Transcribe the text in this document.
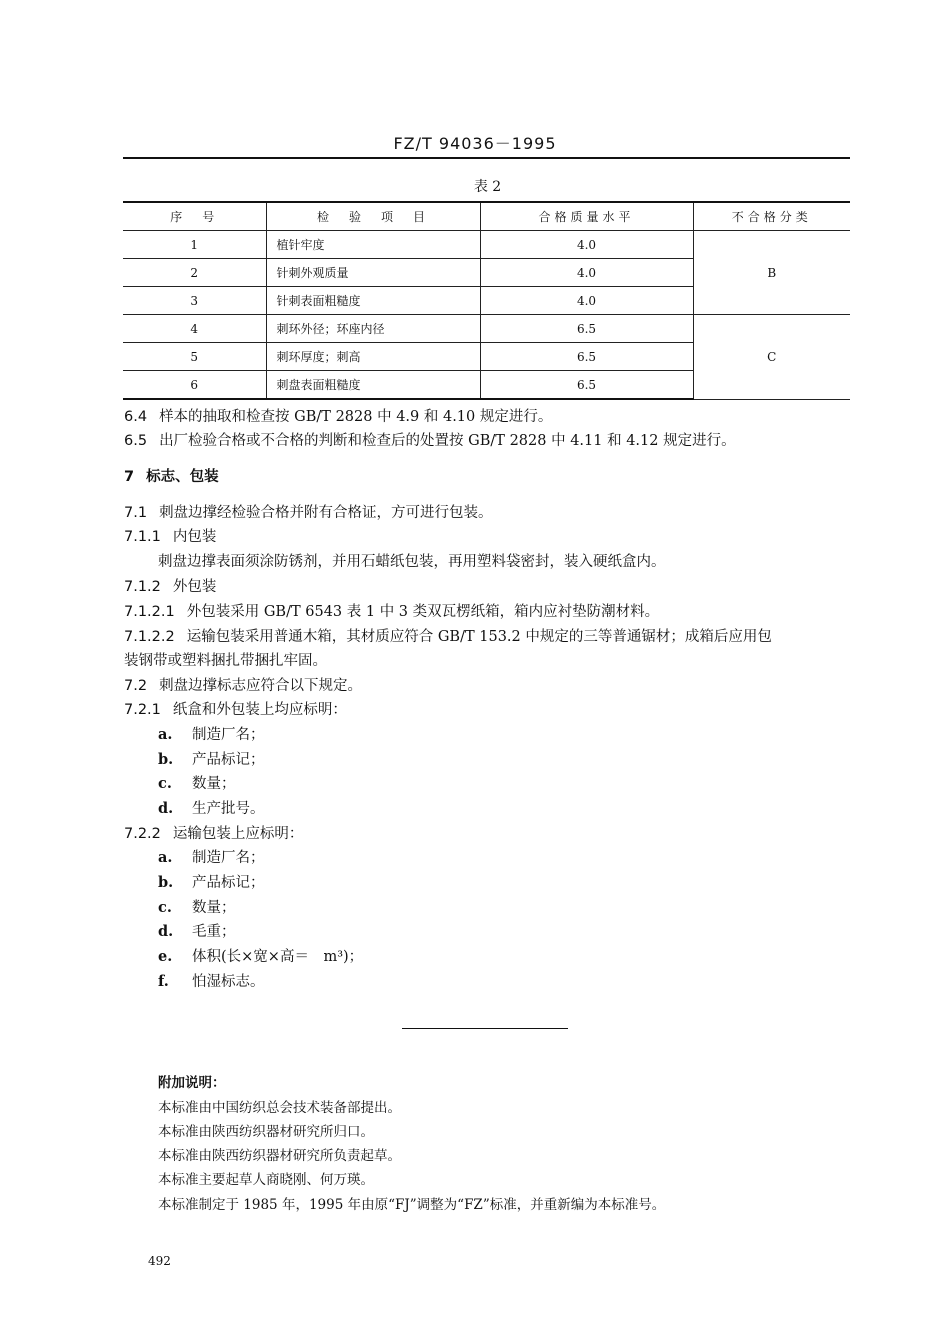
FZ/T 94036－1995
表 2
序　号	检　验　项　目	合格质量水平	不合格分类
1	植针牢度	4.0	B
2	针刺外观质量	4.0	
3	针刺表面粗糙度	4.0	
4	刺环外径；环座内径	6.5	C
5	刺环厚度；刺高	6.5	
6	刺盘表面粗糙度	6.5	
6.4 样本的抽取和检查按 GB/T 2828 中 4.9 和 4.10 规定进行。
6.5 出厂检验合格或不合格的判断和检查后的处置按 GB/T 2828 中 4.11 和 4.12 规定进行。
7 标志、包装
7.1 刺盘边撑经检验合格并附有合格证，方可进行包装。
7.1.1 内包装
刺盘边撑表面须涂防锈剂，并用石蜡纸包装，再用塑料袋密封，装入硬纸盒内。
7.1.2 外包装
7.1.2.1 外包装采用 GB/T 6543 表 1 中 3 类双瓦楞纸箱，箱内应衬垫防潮材料。
7.1.2.2 运输包装采用普通木箱，其材质应符合 GB/T 153.2 中规定的三等普通锯材；成箱后应用包
装钢带或塑料捆扎带捆扎牢固。
7.2 刺盘边撑标志应符合以下规定。
7.2.1 纸盒和外包装上均应标明：
a. 制造厂名；
b. 产品标记；
c. 数量；
d. 生产批号。
7.2.2 运输包装上应标明：
a. 制造厂名；
b. 产品标记；
c. 数量；
d. 毛重；
e. 体积(长×宽×高＝　m³)；
f. 怕湿标志。
附加说明：
本标准由中国纺织总会技术装备部提出。
本标准由陕西纺织器材研究所归口。
本标准由陕西纺织器材研究所负责起草。
本标准主要起草人商晓刚、何万瑛。
本标准制定于 1985 年，1995 年由原“FJ”调整为“FZ”标准，并重新编为本标准号。
492
